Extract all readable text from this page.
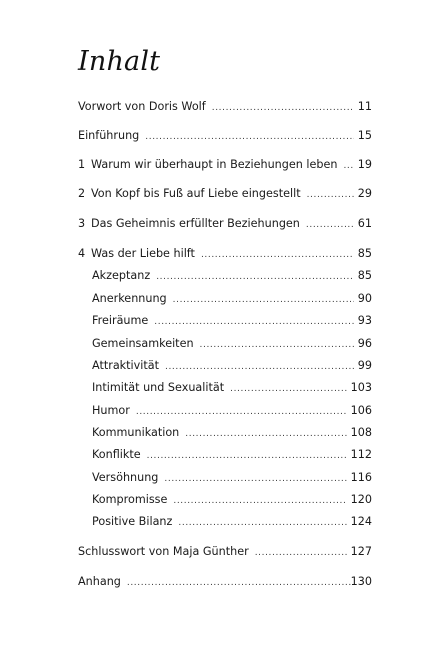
Inhalt
Vorwort von Doris Wolf .....	11
Einführung .....	15
1 Warum wir überhaupt in Beziehungen leben ..... 19
2 Von Kopf bis Fuß auf Liebe eingestellt .....	29
3 Das Geheimnis erfüllter Beziehungen .....	61
4 Was der Liebe hilft .....	85
Akzeptanz .....	85
Anerkennung .....	90
Freiräume .....	93
Gemeinsamkeiten .....	96
Attraktivität .....	99
Intimität und Sexualität .....	103
Humor .....	106
Kommunikation .....	108
Konflikte .....	112
Versöhnung .....	116
Kompromisse .....	120
Positive Bilanz .....	124
Schlusswort von Maja Günther .....	127
Anhang .....	130
